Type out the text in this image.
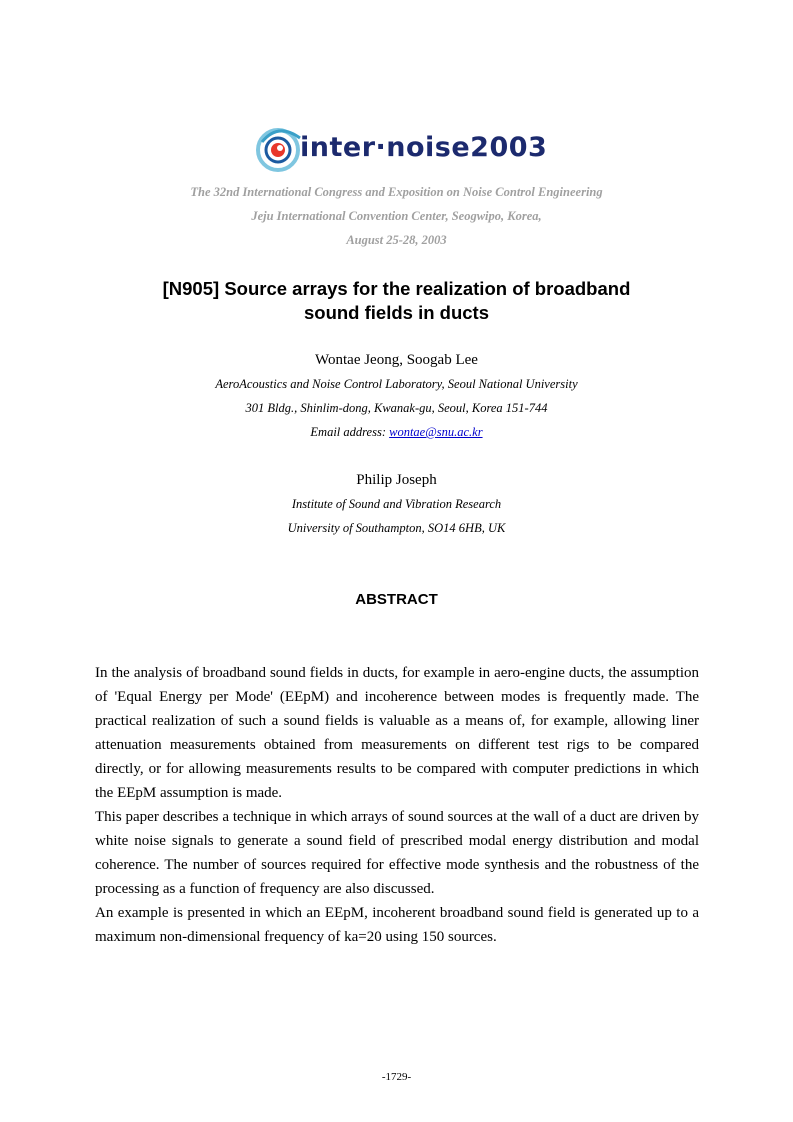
inter·noise2003
The 32nd International Congress and Exposition on Noise Control Engineering
Jeju International Convention Center, Seogwipo, Korea,
August 25-28, 2003
[N905] Source arrays for the realization of broadband
sound fields in ducts
Wontae Jeong, Soogab Lee
AeroAcoustics and Noise Control Laboratory, Seoul National University
301 Bldg., Shinlim-dong, Kwanak-gu, Seoul, Korea 151-744
Email address: wontae@snu.ac.kr
Philip Joseph
Institute of Sound and Vibration Research
University of Southampton, SO14 6HB, UK
ABSTRACT

In the analysis of broadband sound fields in ducts, for example in aero-engine ducts, the assumption of 'Equal Energy per Mode' (EEpM) and incoherence between modes is frequently made. The practical realization of such a sound fields is valuable as a means of, for example, allowing liner attenuation measurements obtained from measurements on different test rigs to be compared directly, or for allowing measurements results to be compared with computer predictions in which the EEpM assumption is made.

This paper describes a technique in which arrays of sound sources at the wall of a duct are driven by white noise signals to generate a sound field of prescribed modal energy distribution and modal coherence. The number of sources required for effective mode synthesis and the robustness of the processing as a function of frequency are also discussed.

An example is presented in which an EEpM, incoherent broadband sound field is generated up to a maximum non-dimensional frequency of ka=20 using 150 sources.

-1729-
